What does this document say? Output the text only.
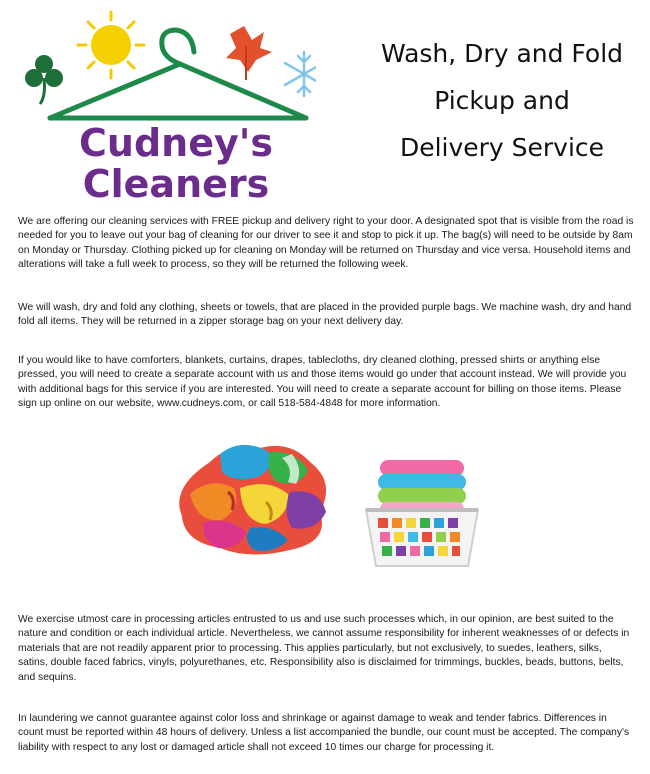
Cudney's
Cleaners
Wash, Dry and Fold
Pickup and
Delivery Service

We are offering our cleaning services with FREE pickup and delivery right to your door. A designated spot that is visible from the road is needed for you to leave out your bag of cleaning for our driver to see it and stop to pick it up. The bag(s) will need to be outside by 8am on Monday or Thursday. Clothing picked up for cleaning on Monday will be returned on Thursday and vice versa. Household items and alterations will take a full week to process, so they will be returned the following week.

We will wash, dry and fold any clothing, sheets or towels, that are placed in the provided purple bags. We machine wash, dry and hand fold all items. They will be returned in a zipper storage bag on your next delivery day.

If you would like to have comforters, blankets, curtains, drapes, tablecloths, dry cleaned clothing, pressed shirts or anything else pressed, you will need to create a separate account with us and those items would go under that account instead. We will provide you with additional bags for this service if you are interested. You will need to create a separate account for billing on those items. Please sign up online on our website, www.cudneys.com, or call 518-584-4848 for more information.

We exercise utmost care in processing articles entrusted to us and use such processes which, in our opinion, are best suited to the nature and condition or each individual article. Nevertheless, we cannot assume responsibility for inherent weaknesses of or defects in materials that are not readily apparent prior to processing. This applies particularly, but not exclusively, to suedes, leathers, silks, satins, double faced fabrics, vinyls, polyurethanes, etc. Responsibility also is disclaimed for trimmings, buckles, beads, buttons, belts, and sequins.

In laundering we cannot guarantee against color loss and shrinkage or against damage to weak and tender fabrics. Differences in count must be reported within 48 hours of delivery. Unless a list accompanied the bundle, our count must be accepted. The company's liability with respect to any lost or damaged article shall not exceed 10 times our charge for processing it.
